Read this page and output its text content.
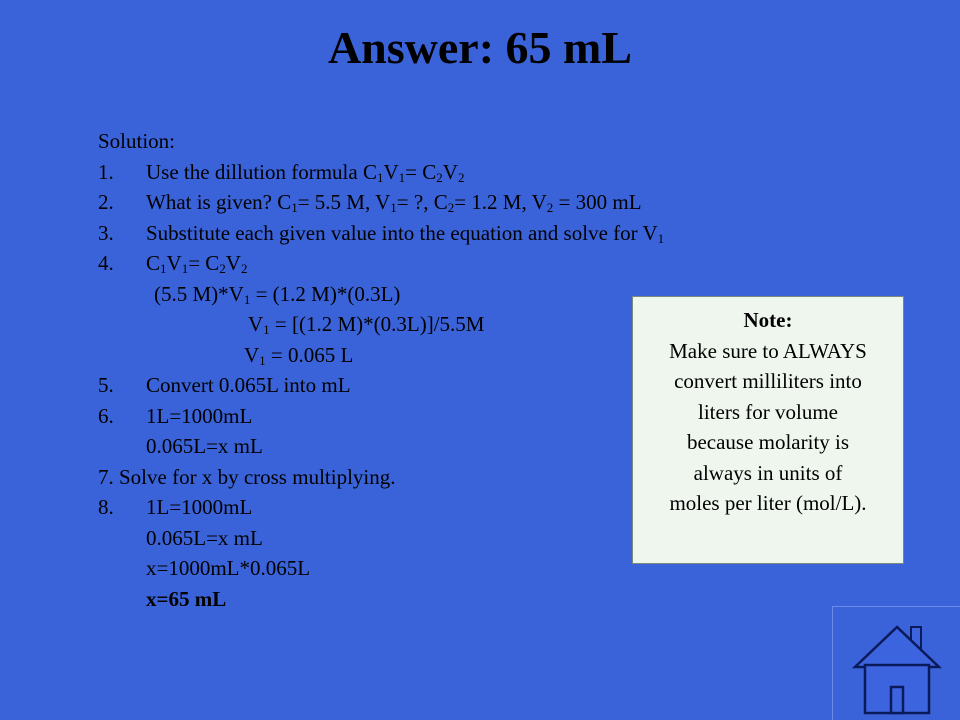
Answer: 65 mL
Solution:
1. Use the dillution formula $C_1V_1= C_2V_2$
2. What is given? $C_1= 5.5$ M, $V_1=$ ?, $C_2= 1.2$ M, $V_2 = 300$ mL
3. Substitute each given value into the equation and solve for $V_1$
4. $C_1V_1= C_2V_2$
(5.5 $M)*V_1 = (1.2$ M)*(0.3L)
$V_1 = [(1.2$ M)*(0.3L)]/5.5M
$V_1 = 0.065$ L
5. Convert 0.065L into mL
6. 1L=1000mL
0.065L=x mL
7. Solve for x by cross multiplying.
8. 1L=1000mL
0.065L=x mL
x=1000mL*0.065L
x=65 mL
Note:
Make sure to ALWAYS
convert milliliters into
liters for volume
because molarity is
always in units of
moles per liter (mol/L).
